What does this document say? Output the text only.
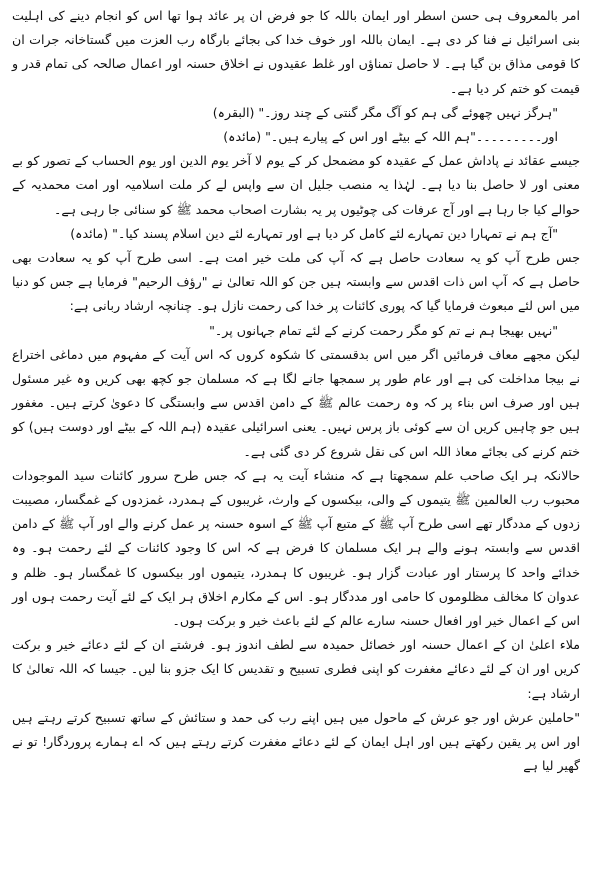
امر بالمعروف ہی حسن اسطر اور ایمان باللہ کا جو فرض ان پر عائد ہوا تھا اس کو انجام دینے کی اہلیت بنی اسرائیل نے فنا کر دی ہے۔ ایمان باللہ اور خوف خدا کی بجائے بارگاہ رب العزت میں گستاخانہ جرات ان کا قومی مذاق بن گیا ہے۔ لا حاصل تمناؤں اور غلط عقیدوں نے اخلاق حسنہ اور اعمال صالحہ کی تمام قدر و قیمت کو ختم کر دیا ہے۔

"ہرگز نہیں چھوئے گی ہم کو آگ مگر گنتی کے چند روز۔" (البقرہ)

اور۔۔۔۔۔۔۔۔۔"ہم اللہ کے بیٹے اور اس کے پیارے ہیں۔" (مائدہ)

جیسے عقائد نے پاداش عمل کے عقیدہ کو مضمحل کر کے یوم لا آخر یوم الدین اور یوم الحساب کے تصور کو بے معنی اور لا حاصل بنا دیا ہے۔ لہٰذا یہ منصب جلیل ان سے واپس لے کر ملت اسلامیہ اور امت محمدیہ کے حوالے کیا جا رہا ہے اور آج عرفات کی چوٹیوں پر یہ بشارت اصحاب محمد ﷺ کو سنائی جا رہی ہے۔

"آج ہم نے تمہارا دین تمہارے لئے کامل کر دیا ہے اور تمہارے لئے دین اسلام پسند کیا۔" (مائدہ)

جس طرح آپ کو یہ سعادت حاصل ہے کہ آپ کی ملت خیر امت ہے۔ اسی طرح آپ کو یہ سعادت بھی حاصل ہے کہ آپ اس ذات اقدس سے وابستہ ہیں جن کو اللہ تعالیٰ نے "رؤف الرحیم" فرمایا ہے جس کو دنیا میں اس لئے مبعوث فرمایا گیا کہ پوری کائنات پر خدا کی رحمت نازل ہو۔ چنانچہ ارشاد ربانی ہے:

"نہیں بھیجا ہم نے تم کو مگر رحمت کرنے کے لئے تمام جہانوں پر۔"

لیکن مجھے معاف فرمائیں اگر میں اس بدقسمتی کا شکوہ کروں کہ اس آیت کے مفہوم میں دماغی اختراع نے بیجا مداخلت کی ہے اور عام طور پر سمجھا جانے لگا ہے کہ مسلمان جو کچھ بھی کریں وہ غیر مسئول ہیں اور صرف اس بناء پر کہ وہ رحمت عالم ﷺ کے دامن اقدس سے وابستگی کا دعویٰ کرتے ہیں۔ مغفور ہیں جو چاہیں کریں ان سے کوئی باز پرس نہیں۔ یعنی اسرائیلی عقیدہ (ہم اللہ کے بیٹے اور دوست ہیں) کو ختم کرنے کی بجائے معاذ اللہ اس کی نقل شروع کر دی گئی ہے۔

حالانکہ ہر ایک صاحب علم سمجھتا ہے کہ منشاء آیت یہ ہے کہ جس طرح سرور کائنات سید الموجودات محبوب رب العالمین ﷺ یتیموں کے والی، بیکسوں کے وارث، غریبوں کے ہمدرد، غمزدوں کے غمگسار، مصیبت زدوں کے مددگار تھے اسی طرح آپ ﷺ کے متبع آپ ﷺ کے اسوہ حسنہ پر عمل کرنے والے اور آپ ﷺ کے دامن اقدس سے وابستہ ہونے والے ہر ایک مسلمان کا فرض ہے کہ اس کا وجود کائنات کے لئے رحمت ہو۔ وہ خدائے واحد کا پرستار اور عبادت گزار ہو۔ غریبوں کا ہمدرد، یتیموں اور بیکسوں کا غمگسار ہو۔ ظلم و عدوان کا مخالف مظلوموں کا حامی اور مددگار ہو۔ اس کے مکارم اخلاق ہر ایک کے لئے آیت رحمت ہوں اور اس کے اعمال خیر اور افعال حسنہ سارے عالم کے لئے باعث خیر و برکت ہوں۔

ملاء اعلیٰ ان کے اعمال حسنہ اور خصائل حمیدہ سے لطف اندوز ہو۔ فرشتے ان کے لئے دعائے خیر و برکت کریں اور ان کے لئے دعائے مغفرت کو اپنی فطری تسبیح و تقدیس کا ایک جزو بنا لیں۔ جیسا کہ اللہ تعالیٰ کا ارشاد ہے:

"حاملین عرش اور جو عرش کے ماحول میں ہیں اپنے رب کی حمد و ستائش کے ساتھ تسبیح کرتے رہتے ہیں اور اس پر یقین رکھتے ہیں اور اہل ایمان کے لئے دعائے مغفرت کرتے رہتے ہیں کہ اے ہمارے پروردگار! تو نے گھیر لیا ہے
